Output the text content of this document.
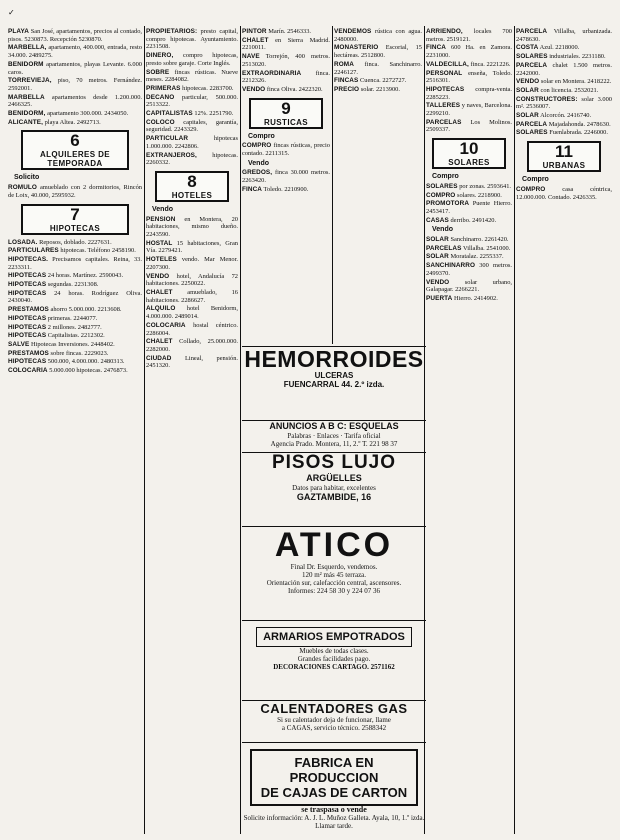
✓
PLAYA San José, apartamentos, precios al contado, pisos. 5230873. Recepción 5230870.
MARBELLA, apartamento, 400.000, entrada, resto 34.000. 2489275.
BENIDORM apartamentos, playas Levante. 6.000 caros.
TORREVIEJA, piso, 70 metros. Fernández. 2592001.
MARBELLA apartamentos desde 1.200.000. 2466325.
BENIDORM, apartamento 300.000. 2434050.
ALICANTE, playa Altea. 2492713.
6
ALQUILERES DE TEMPORADA
Solicito
ROMULO amueblado con 2 dormitorios, Rincón de Loix, 40.000, 2595932.
7
HIPOTECAS
LOSADA. Reposos, doblado. 2227631.
PARTICULARES hipotecas. Teléfono 2458190.
HIPOTECAS. Precisamos capitales. Reina, 33. 2233311.
HIPOTECAS 24 horas. Martínez. 2590043.
HIPOTECAS segundas. 2231308.
HIPOTECAS 24 horas. Rodríguez Oliva. 2430040.
PRESTAMOS ahorro 5.000.000. 2213608.
HIPOTECAS primeras. 2244077.
HIPOTECAS 2 millones. 2482777.
HIPOTECAS Capitalistas. 2212302.
SALVE Hipotecas Inversiones. 2448402.
PRESTAMOS sobre fincas. 2229023.
HIPOTECAS 500.000, 4.000.000. 2480313.
COLOCARIA 5.000.000 hipotecas. 2476873.
PROPIETARIOS: presto capital, compro hipotecas. Ayuntamiento. 2231508.
DINERO, compro hipotecas, presto sobre garaje. Corte Inglés.
SOBRE fincas rústicas. Nueve meses. 2284082.
PRIMERAS hipotecas. 2283700.
DECANO particular, 500.000. 2513322.
CAPITALISTAS 12%. 2251790.
COLOCO capitales, garantía, seguridad. 2243329.
PARTICULAR	hipotecas 1.000.000. 2242806.
EXTRANJEROS, hipotecas. 2260332.
8
HOTELES
Vendo
PENSION en Montera, 20 habitaciones, mismo dueño. 2243590.
HOSTAL 15 habitaciones, Gran Vía. 2279421.
HOTELES vendo. Mar Menor. 2207300.
VENDO hotel, Andalucía 72 habitaciones. 2250022.
CHALET amueblado, 16 habitaciones. 2286627.
ALQUILO hotel Benidorm, 4.000.000. 2489014.
COLOCARIA hostal céntrico. 2286004.
CHALET Collado, 25.000.000. 2282000.
CIUDAD Lineal, pensión. 2451320.
PINTOR Marín. 2546333.
CHALET en Sierra Madrid. 2210011.
NAVE Torrejón, 400 metros. 2513020.
EXTRAORDINARIA finca. 2212326.
VENDO finca Oliva. 2422320.
9
RUSTICAS
Compro
COMPRO fincas rústicas, precio contado. 2211315.
Vendo
GREDOS, finca 30.000 metros. 2263420.
FINCA Toledo. 2210900.
VENDEMOS rústica con agua. 2480000.
MONASTERIO Escorial, 15 hectáreas. 2512800.
ROMA finca. Sanchinarro. 2246127.
FINCAS Cuenca. 2272727.
PRECIO solar. 2213900.
HEMORROIDES
ULCERAS
FUENCARRAL 44. 2.º izda.
ANUNCIOS A B C: ESQUELAS
Palabras · Enlaces · Tarifa oficial
Agencia Prado. Montera, 11, 2.º T. 221 98 37
PISOS LUJO
ARGÜELLES
Datos para habitar, excelentes
GAZTAMBIDE, 16
ATICO
Final Dr. Esquerdo, vendemos.
120 m² más 45 terraza.
Orientación sur, calefacción central, ascensores.
Informes: 224 58 30 y 224 07 36
ARMARIOS EMPOTRADOS
Muebles de todas clases.
Grandes facilidades pago.
DECORACIONES CARTAGO. 2571162
CALENTADORES GAS
Si su calentador deja de funcionar, llame
a CAGAS, servicio técnico. 2588342
FABRICA EN PRODUCCION
DE CAJAS DE CARTON
se traspasa o vende
Solicite información: A. J. L. Muñoz Galleta. Ayala, 10, 1.º izda. Llamar tarde.
ARRIENDO, locales 700 metros. 2519121.
FINCA 600 Ha. en Zamora. 2231000.
VALDECILLA, finca. 2221226.
PERSONAL enseña, Toledo. 2516301.
HIPOTECAS compra-venta. 2285223.
TALLERES y naves, Barcelona. 2299210.
PARCELAS Los Molinos. 2509337.
10
SOLARES
Compro
SOLARES por zonas. 2593641.
COMPRO solares. 2218900.
PROMOTORA Puente Hierro. 2453417.
CASAS derribo. 2491420.
Vendo
SOLAR Sanchinarro. 2261420.
PARCELAS Villalba. 2541000.
SOLAR Moratalaz. 2255337.
SANCHINARRO 300 metros. 2499370.
VENDO solar urbano, Galapagar. 2266221.
PUERTA Hierro. 2414902.
PARCELA Villalba, urbanizada. 2478630.
COSTA Azul. 2218000.
SOLARES industriales. 2231180.
PARCELA chalet 1.500 metros. 2242000.
VENDO solar en Montera. 2418222.
SOLAR con licencia. 2532021.
CONSTRUCTORES: solar 3.000 m². 2536007.
SOLAR Alcorcón. 2416740.
PARCELA Majadahonda. 2478630.
SOLARES Fuenlabrada. 2246000.
11
URBANAS
Compro
COMPRO	casa céntrica, 12.000.000. Contado. 2426335.
